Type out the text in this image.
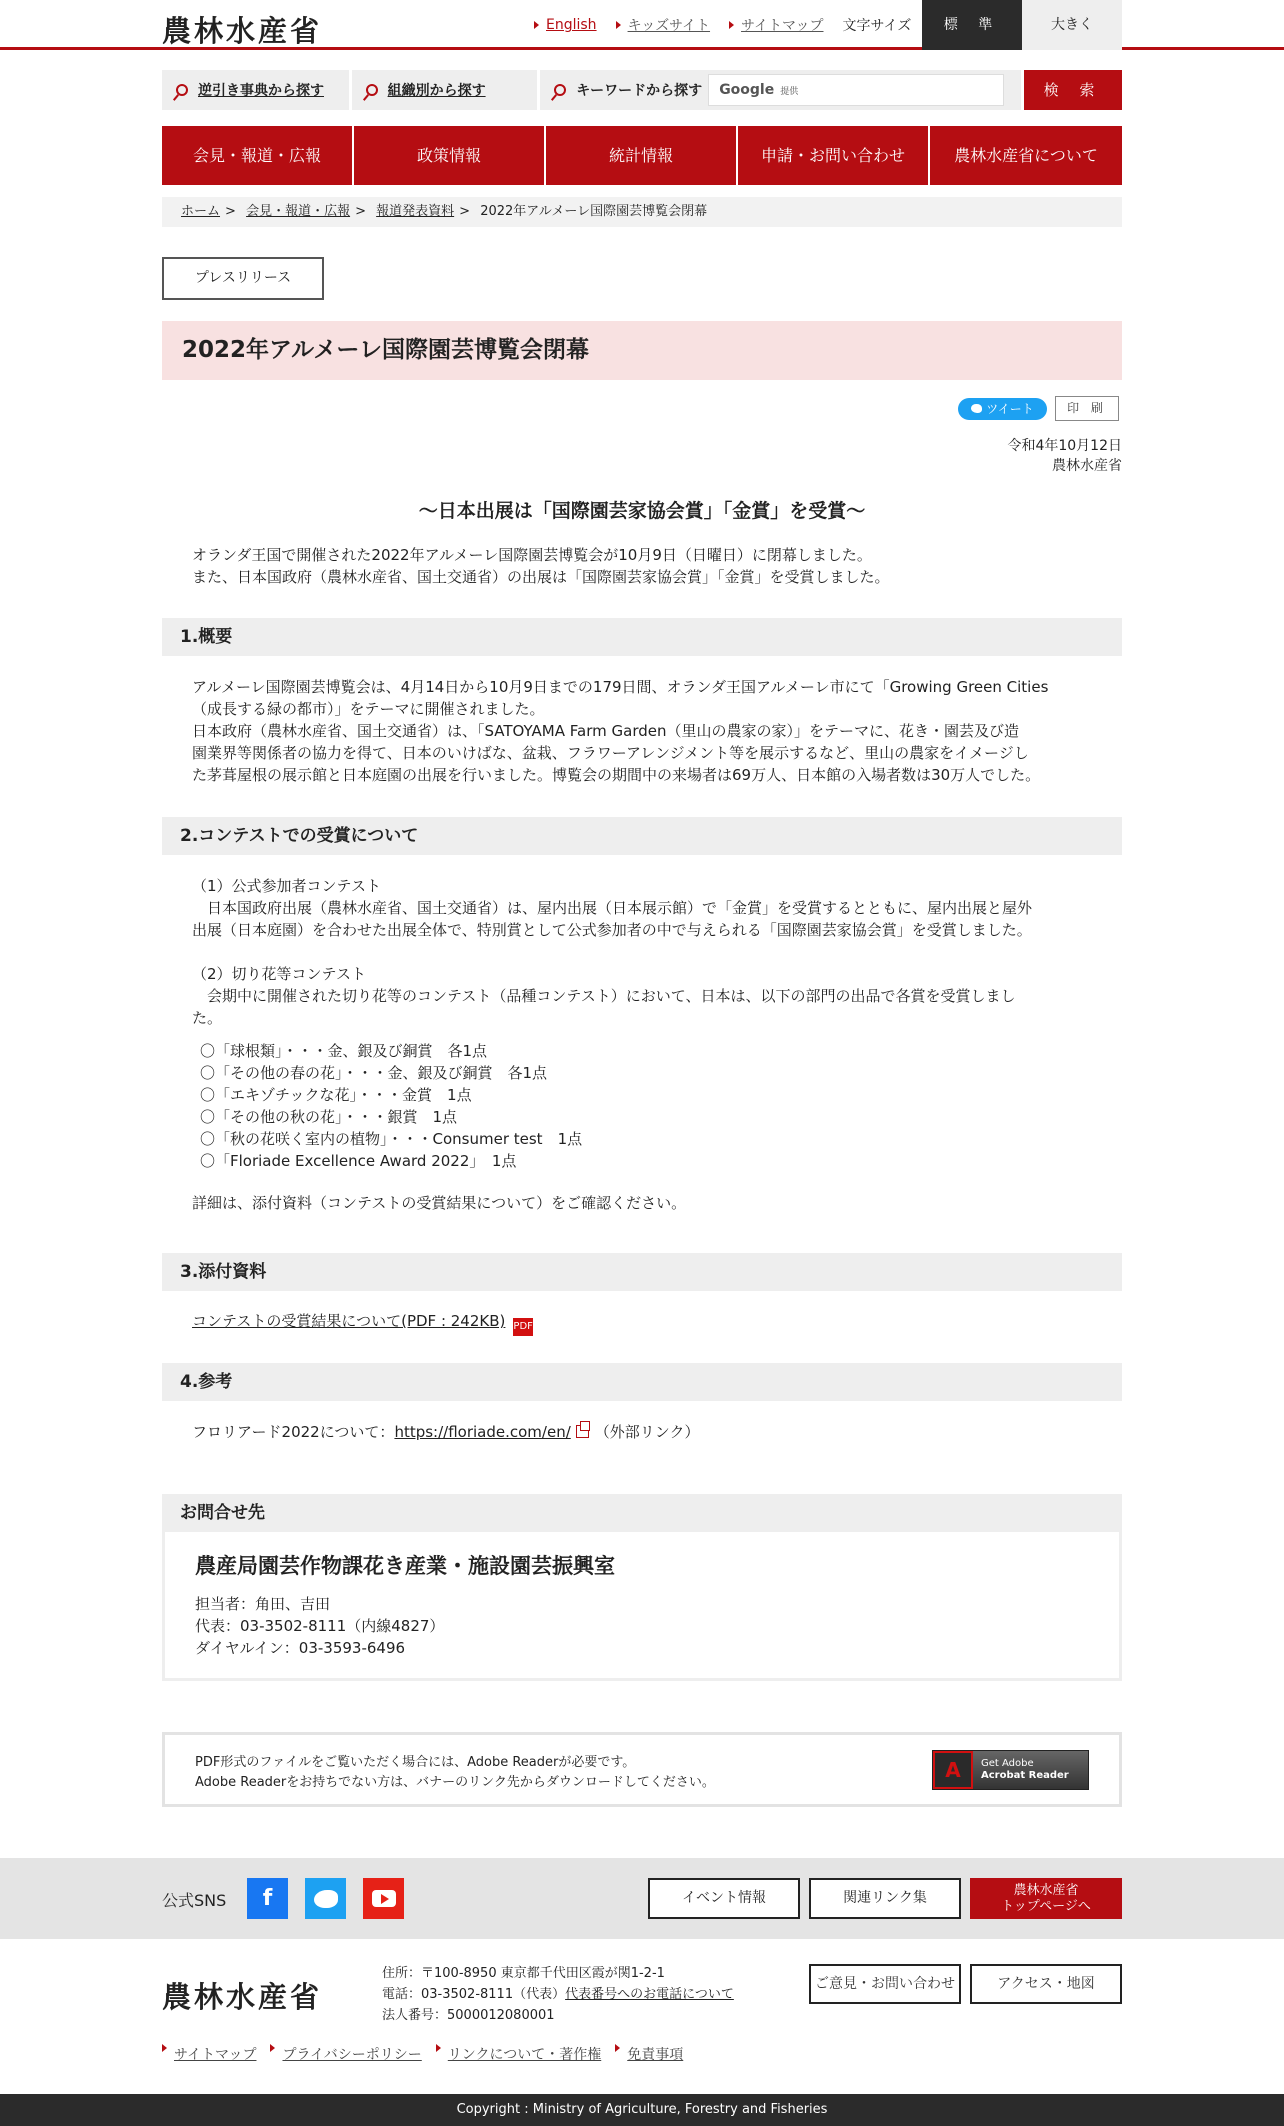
農林水産省	English キッズサイト サイトマップ 文字サイズ	標 準	大きく
逆引き事典から探す	組織別から探す	キーワードから探す Google 提供	検 索
会見・報道・広報	政策情報	統計情報	申請・お問い合わせ	農林水産省について
ホーム > 会見・報道・広報 > 報道発表資料 > 2022年アルメーレ国際園芸博覧会閉幕
プレスリリース
2022年アルメーレ国際園芸博覧会閉幕
ツイート	印 刷
令和4年10月12日
農林水産省
～日本出展は「国際園芸家協会賞」「金賞」を受賞～
オランダ王国で開催された2022年アルメーレ国際園芸博覧会が10月9日（日曜日）に閉幕しました。
また、日本国政府（農林水産省、国土交通省）の出展は「国際園芸家協会賞」「金賞」を受賞しました。
1.概要
アルメーレ国際園芸博覧会は、4月14日から10月9日までの179日間、オランダ王国アルメーレ市にて「Growing Green Cities
（成長する緑の都市）」をテーマに開催されました。
日本政府（農林水産省、国土交通省）は、「SATOYAMA Farm Garden（里山の農家の家）」をテーマに、花き・園芸及び造
園業界等関係者の協力を得て、日本のいけばな、盆栽、フラワーアレンジメント等を展示するなど、里山の農家をイメージし
た茅葺屋根の展示館と日本庭園の出展を行いました。博覧会の期間中の来場者は69万人、日本館の入場者数は30万人でした。
2.コンテストでの受賞について
（1）公式参加者コンテスト
　日本国政府出展（農林水産省、国土交通省）は、屋内出展（日本展示館）で「金賞」を受賞するとともに、屋内出展と屋外
出展（日本庭園）を合わせた出展全体で、特別賞として公式参加者の中で与えられる「国際園芸家協会賞」を受賞しました。
（2）切り花等コンテスト
　会期中に開催された切り花等のコンテスト（品種コンテスト）において、日本は、以下の部門の出品で各賞を受賞しまし
た。
〇「球根類」・・・金、銀及び銅賞　各1点
〇「その他の春の花」・・・金、銀及び銅賞　各1点
〇「エキゾチックな花」・・・金賞　1点
〇「その他の秋の花」・・・銀賞　1点
〇「秋の花咲く室内の植物」・・・Consumer test　1点
〇「Floriade Excellence Award 2022」　1点
詳細は、添付資料（コンテストの受賞結果について）をご確認ください。
3.添付資料
コンテストの受賞結果について(PDF : 242KB) PDF
4.参考
フロリアード2022について：https://floriade.com/en/ （外部リンク）
お問合せ先
農産局園芸作物課花き産業・施設園芸振興室
担当者：角田、吉田
代表：03-3502-8111（内線4827）
ダイヤルイン：03-3593-6496
PDF形式のファイルをご覧いただく場合には、Adobe Readerが必要です。
Adobe Readerをお持ちでない方は、バナーのリンク先からダウンロードしてください。
A	Get Adobe
Acrobat Reader
公式SNS	f	イベント情報	関連リンク集	農林水産省
トップページへ
農林水産省
住所：〒100-8950 東京都千代田区霞が関1-2-1
電話：03-3502-8111（代表）代表番号へのお電話について
法人番号：5000012080001
ご意見・お問い合わせ	アクセス・地図
サイトマップ プライバシーポリシー リンクについて・著作権 免責事項
Copyright : Ministry of Agriculture, Forestry and Fisheries
